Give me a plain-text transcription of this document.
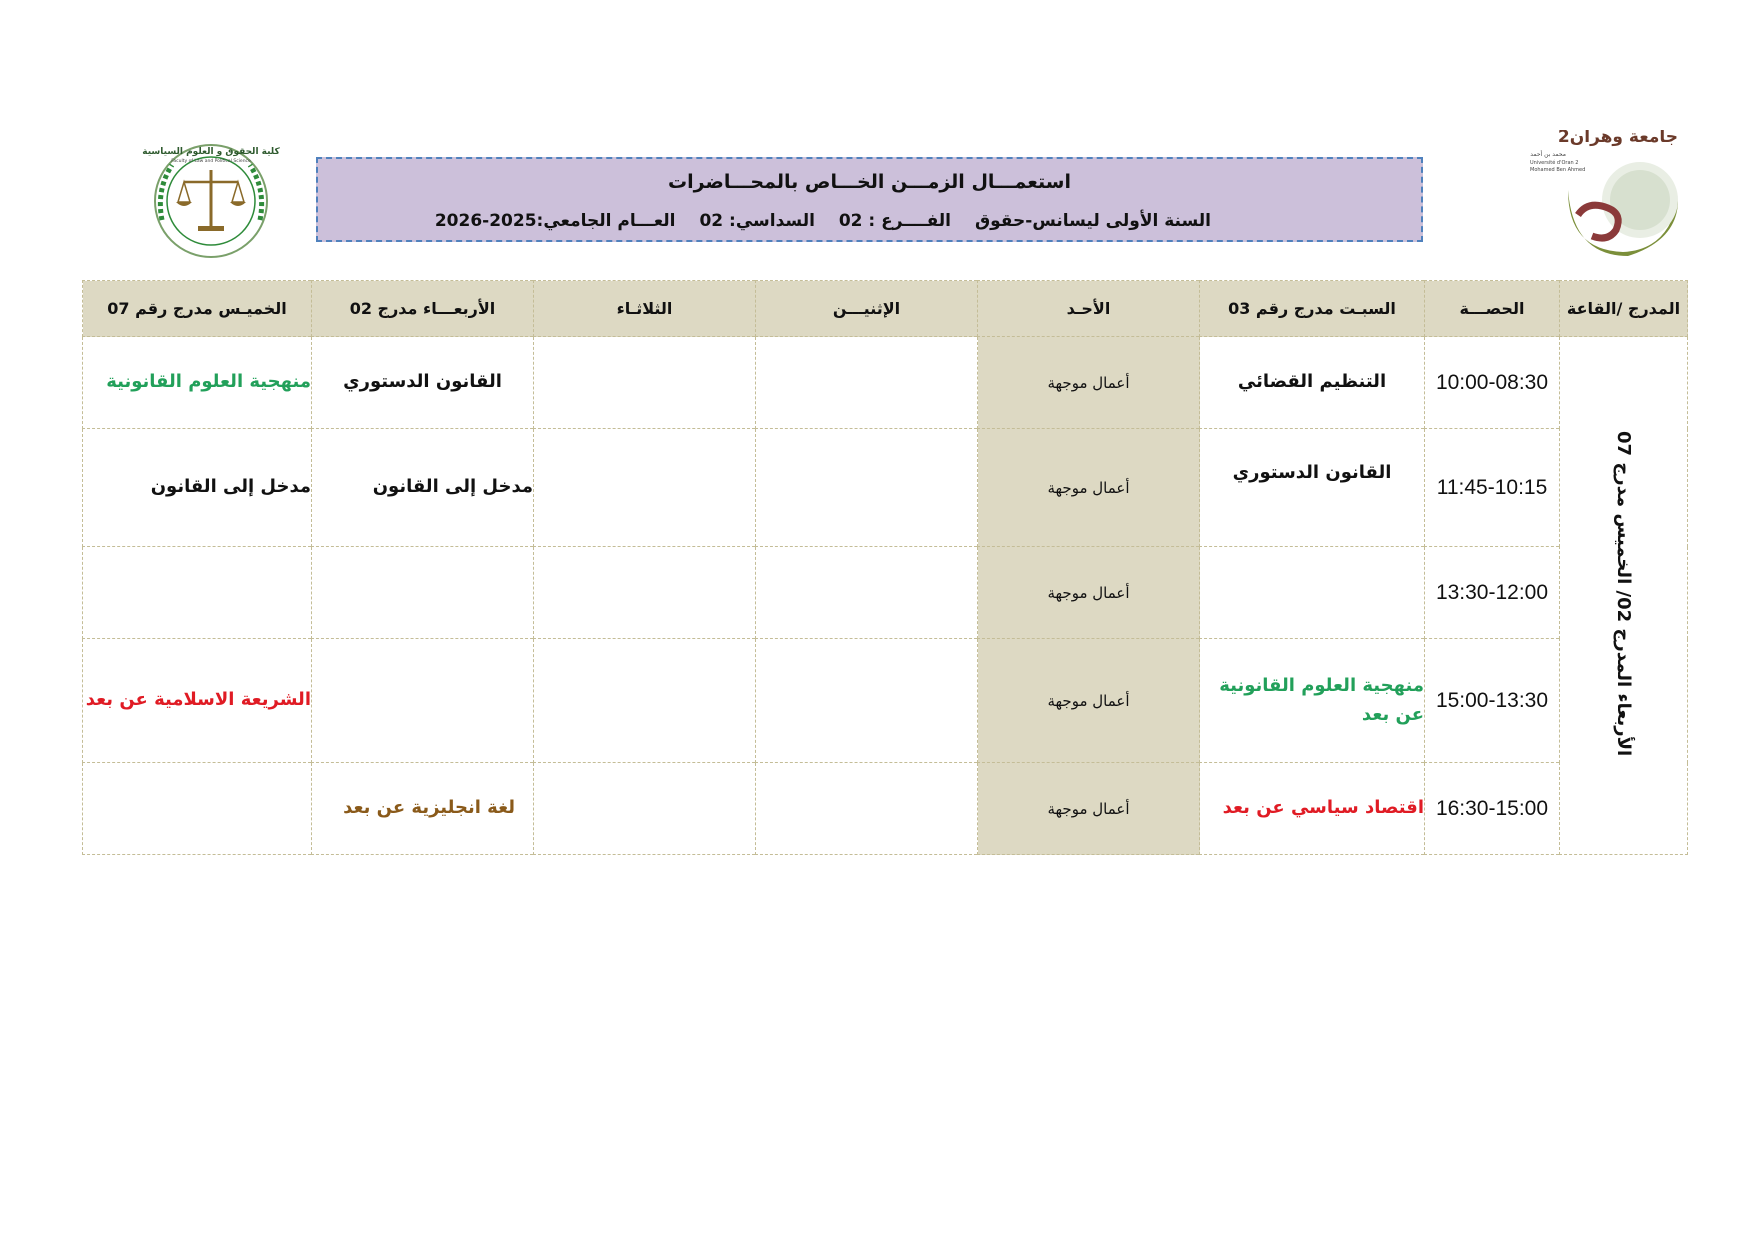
جامعة وهران2
محمد بن أحمد
Université d'Oran 2
Mohamed Ben Ahmed
كلية الحقوق و العلوم السياسية
Faculty of Law and Political Science
استعمـــال الزمـــن الخـــاص بالمحـــاضرات
السنة الأولى ليسانس-حقوق الفــــرع : 02 السداسي: 02 العـــام الجامعي:2025-2026
المدرج /القاعة	الحصـــة	السبـت مدرج رقم 03	الأحـد	الإثنيـــن	الثلاثـاء	الأربعـــاء مدرج 02	الخميـس مدرج رقم 07
الأربعاء المدرج 02/ الخميس مدرج 07	10:00-08:30	التنظيم القضائي	أعمال موجهة			القانون الدستوري	منهجية العلوم القانونية
	11:45-10:15	القانون الدستوري	أعمال موجهة			مدخل إلى القانون	مدخل إلى القانون
	13:30-12:00		أعمال موجهة				
	15:00-13:30	منهجية العلوم القانونية عن بعد	أعمال موجهة				الشريعة الاسلامية عن بعد
	16:30-15:00	اقتصاد سياسي عن بعد	أعمال موجهة			لغة انجليزية عن بعد	
